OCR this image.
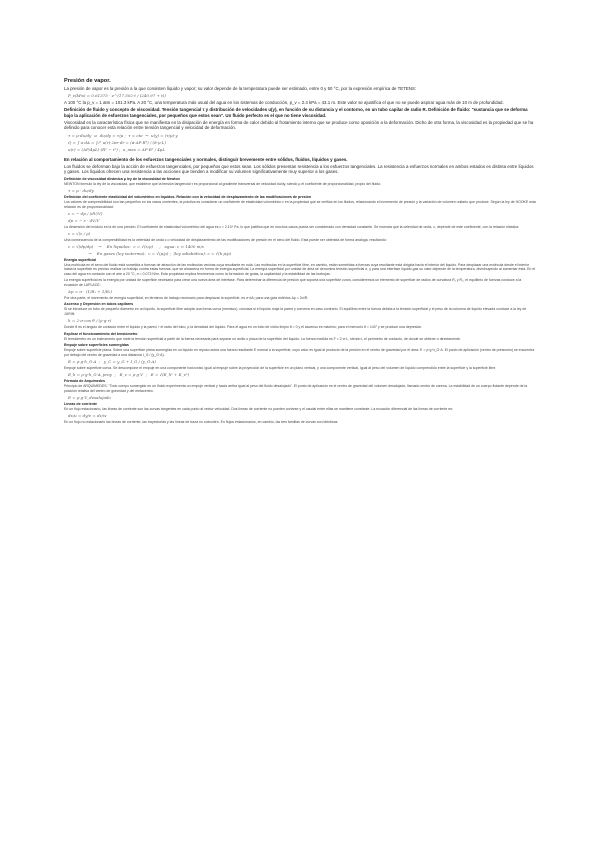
Presión de vapor.
La presión de vapor es la presión a la que consisten líquido y vapor; su valor depende de la temperatura puede ser estimado, entre 0 y 50 °C, por la expresión empírica de TETENS:
P_v(kPa) = 0.61375 · e^(17.502·t / (240.97 + t))
A 100 °C la p_v = 1 atm = 101.3 kPa. A 20 °C, una temperatura más usual del agua en los sistemas de conducción, p_v = 2.4 kPa = 43.1 m. Este valor se ajustifica el que no se puede aspirar agua más de 10 m de profundidad.
Definición de fluido y concepto de viscosidad. Tensión tangencial τ y distribución de velocidades u(y), en función de su distancia y el contorno, en un tubo capilar de radio R. Definición de fluido: "sustancia que se deforma bajo la aplicación de esfuerzos tangenciales, por pequeños que estos sean". Un fluido perfecto es el que no tiene viscosidad.
Viscosidad es la característica física que se manifiesta en la disipación de energía en forma de calor debido al frotamiento interno que se produce como oposición a la deformación. Dicho de otra forma, la viscosidad es la propiedad que se ha definido para conocer esta relación entre tensión tangencial y velocidad de deformación.
τ = μ·du/dy  ⇒  du/dy = τ/μ ;  τ = cte  →  u(y) = (τ/μ)·y
Q = ∫ u·dA = ∫₀ᴿ u(r)·2πr·dr = (π·ΔP·R⁴) / (8·μ·L)
u(r) = (ΔP/4μL)·(R² − r²) ;  u_max = ΔP·R² / 4μL
En relación al comportamiento de los esfuerzos tangenciales y normales, distinguir brevemente entre sólidos, fluidos, líquidos y gases.
Los fluidos se deforman bajo la acción de esfuerzos tangenciales, por pequeños que estos sean. Los sólidos presentan resistencia a los esfuerzos tangenciales. La resistencia a esfuerzos normales en ambos estados es distinta entre líquidos y gases. Los líquidos ofrecen una resistencia a las acciones que tienden a modificar su volumen significativamente muy superior a los gases.
Definición de viscosidad dinámica μ ley de la viscosidad de Newton
NEWTON formuló la ley de la viscosidad, que establece que la tensión tangencial τ es proporcional al gradiente transversal de velocidad du/dy, siendo μ el coeficiente de proporcionalidad, propio del fluido:
τ = μ · du/dy
Definición del coeficiente elasticidad del volumétrico en líquidos. Relación con la velocidad de desplazamiento de las modificaciones de presión
Los valores de compresibilidad son tan pequeños en los casos corrientes, la práctica es considerar un coeficiente de elasticidad volumétrico ε en la propiedad que se verifica en los fluidos, relacionando el incremento de presión y la variación de volumen unitario que produce. Según la ley de HOOKE esta relación es de proporcionalidad:
ε = − dp / (dV/V)
dp = − ε · dV/V
La dimensión del módulo es la de una presión. El coeficiente de elasticidad volumétrico del agua es ε ≈ 2.10⁹ Pa, lo que justifica que en muchos casos pueda ser considerado con densidad constante. Se muestra que la celeridad de onda, c, depende de este coeficiente, con la relación elástica:
c = √(ε / ρ)
Una consecuencia de la compresibilidad es la celeridad de onda c o velocidad de desplazamiento de las modificaciones de presión en el seno del fluido. Esta puede ser obtenida de forma análoga, resultando:
c = √(dp/dρ)    →    En líquidos:  c = √(ε/ρ)     ;   agua: c ≈ 1400 m/s
→    En gases (ley isoterma):  c = √(p/ρ) ;  (ley adiabática): c = √(k·p/ρ)
Energía superficial
Una molécula en el seno del fluido está sometida a fuerzas de atracción de las moléculas vecinas cuya resultante es nula. Las moléculas en la superficie libre, en cambio, están sometidas a fuerzas cuya resultante está dirigida hacia el interior del líquido. Para desplazar una molécula desde el interior hasta la superficie es preciso realizar un trabajo contra estas fuerzas, que se almacena en forma de energía superficial. La energía superficial por unidad de área se denomina tensión superficial σ, y para una interfase líquido-gas su valor depende de la temperatura, disminuyendo al aumentar ésta. En el caso del agua en contacto con el aire a 20 °C, σ ≈ 0.073 N/m. Esta propiedad explica fenómenos como la formación de gotas, la capilaridad y la estabilidad de las burbujas.
La energía superficial es la energía por unidad de superficie necesaria para crear una nueva área de interfase. Para determinar la diferencia de presión que soporta una superficie curva, consideremos un elemento de superficie de radios de curvatura R₁ y R₂; el equilibrio de fuerzas conduce a la ecuación de LAPLACE:
Δp = σ · (1/R₁ + 1/R₂)
Por otra parte, el incremento de energía superficial, en términos de trabajo necesario para desplazar la superficie, es σ·dA; para una gota esférica Δp = 2σ/R.
Ascenso y Depresión en tubos capilares
Si se introduce un tubo de pequeño diámetro en un líquido, la superficie libre adopta una forma curva (menisco), cóncava si el líquido moja la pared y convexa en caso contrario. El equilibrio entre la fuerza debida a la tensión superficial y el peso de la columna de líquido elevada conduce a la ley de JURIN:
h = 2·σ·cos θ / (ρ·g·r)
Donde θ es el ángulo de contacto entre el líquido y la pared, r el radio del tubo, ρ la densidad del líquido. Para el agua en un tubo de vidrio limpio θ ≈ 0 y el ascenso es máximo; para el mercurio θ ≈ 140° y se produce una depresión.
Explicar el funcionamiento del tensiómetro
El tensiómetro es un instrumento que mide la tensión superficial a partir de la fuerza necesaria para separar un anillo o placa de la superficie del líquido. La fuerza medida es F = 2·σ·L, siendo L el perímetro de contacto, de donde se obtiene σ directamente.
Empuje sobre superficies sumergidas
Empuje sobre superficie plana. Sobre una superficie plana sumergida en un líquido en reposo actúa una fuerza resultante E normal a la superficie, cuyo valor es igual al producto de la presión en el centro de gravedad por el área: E = ρ·g·h_G·A. El punto de aplicación (centro de presiones) se encuentra por debajo del centro de gravedad a una distancia I_G / (y_G·A).
E = ρ·g·h_G·A  ;   y_C = y_G + I_G / (y_G·A)
Empuje sobre superficie curva. Se descompone el empuje en una componente horizontal, igual al empuje sobre la proyección de la superficie en un plano vertical, y una componente vertical, igual al peso del volumen de líquido comprendido entre la superficie y la superficie libre.
E_h = ρ·g·h_G·A_proy  ;   E_v = ρ·g·V  ;   E = √(E_h² + E_v²)
Fórmula de Arquímedes
Principio de ARQUÍMEDES: "Todo cuerpo sumergido en un fluido experimenta un empuje vertical y hacia arriba igual al peso del fluido desalojado". El punto de aplicación es el centro de gravedad del volumen desalojado, llamado centro de carena. La estabilidad de un cuerpo flotante depende de la posición relativa del centro de gravedad y del metacentro.
E = ρ·g·V_desalojado
Líneas de corriente
En un flujo estacionario, las líneas de corriente son las curvas tangentes en cada punto al vector velocidad. Dos líneas de corriente no pueden cortarse y el caudal entre ellas se mantiene constante. La ecuación diferencial de las líneas de corriente es:
dx/u = dy/v = dz/w
En un flujo no estacionario las líneas de corriente, las trayectorias y las líneas de traza no coinciden. En flujos estacionarios, en cambio, las tres familias de curvas son idénticas.
